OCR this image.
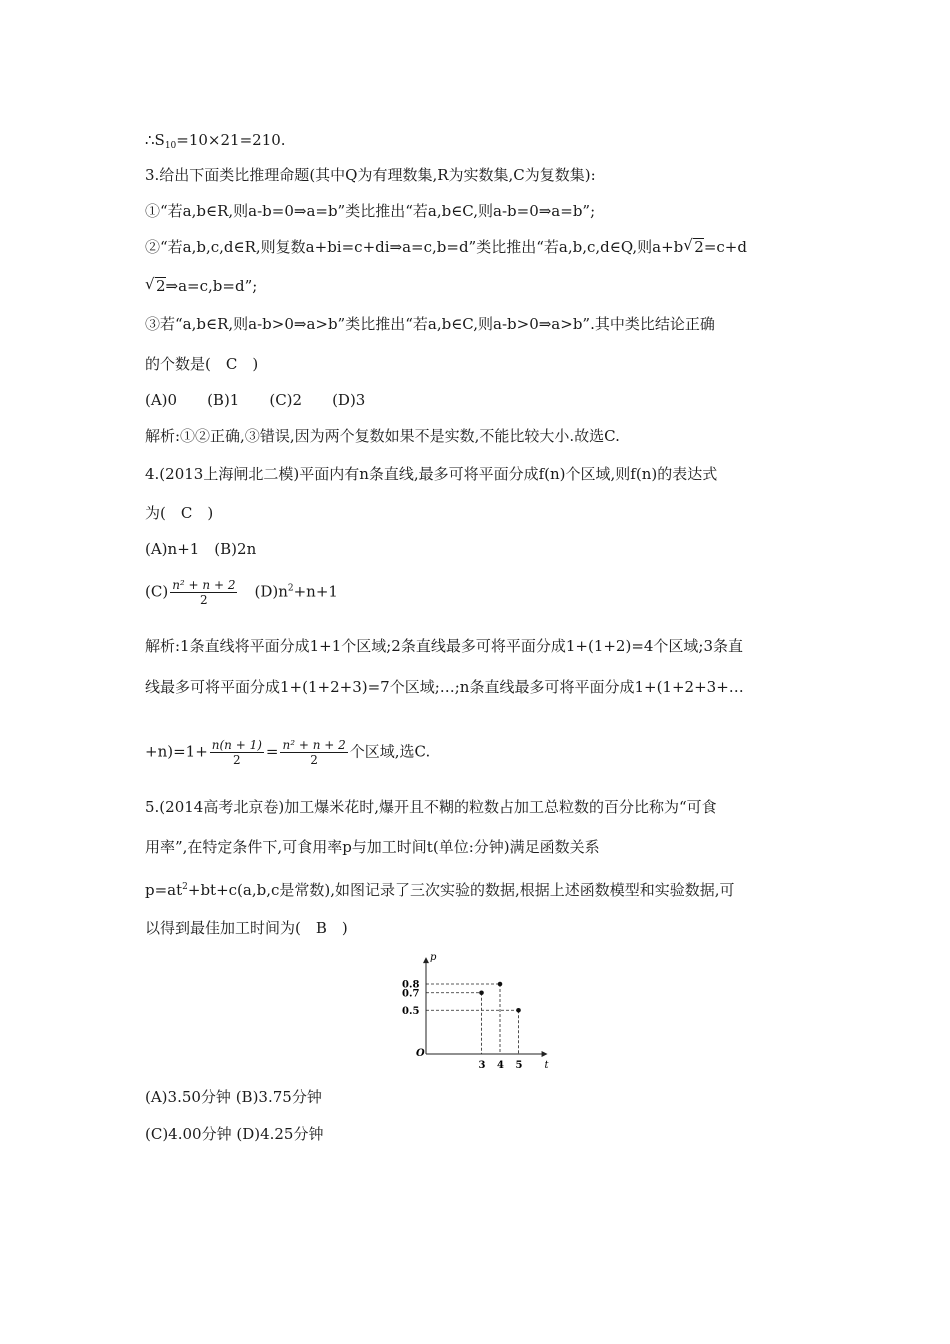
$\therefore S_{10}=10\times 21=210$.
3.给出下面类比推理命题(其中Q为有理数集,R为实数集,C为复数集):
①“若a,b∈R,则a-b=0⇒a=b”类比推出“若a,b∈C,则a-b=0⇒a=b”;
②“若a,b,c,d∈R,则复数a+bi=c+di⇒a=c,b=d”类比推出“若a,b,c,d∈Q,则a+b√ 2=c+d
√ 2⇒a=c,b=d”;
③若“a,b∈R,则a-b>0⇒a>b”类比推出“若a,b∈C,则a-b>0⇒a>b”.其中类比结论正确
的个数是(　C　)
(A)0　　(B)1　　(C)2　　(D)3
解析:①②正确,③错误,因为两个复数如果不是实数,不能比较大小.故选C.
4.(2013上海闸北二模)平面内有n条直线,最多可将平面分成f(n)个区域,则f(n)的表达式
为(　C　)
(A)n+1　(B)2n
$(C) \frac{\text{n² + n + 2}}{2}$ 　$(D)n^2+n+1$
解析:1条直线将平面分成1+1个区域;2条直线最多可将平面分成1+(1+2)=4个区域;3条直
线最多可将平面分成1+(1+2+3)=7个区域;…;n条直线最多可将平面分成1+(1+2+3+…
$+n)=1+ \frac{n(n + 1)}{2} = \frac{\text{n² + n + 2}}{2}$ 个区域,选C.
5.(2014高考北京卷)加工爆米花时,爆开且不糊的粒数占加工总粒数的百分比称为“可食
用率”,在特定条件下,可食用率p与加工时间t(单位:分钟)满足函数关系
$p=at^2+bt+c(a,b,c$是常数),如图记录了三次实验的数据,根据上述函数模型和实验数据,可
以得到最佳加工时间为(　B　)
O
t
p
3 4 5
0.8
0.7
0.5
(A)3.50分钟 (B)3.75分钟
(C)4.00分钟 (D)4.25分钟
